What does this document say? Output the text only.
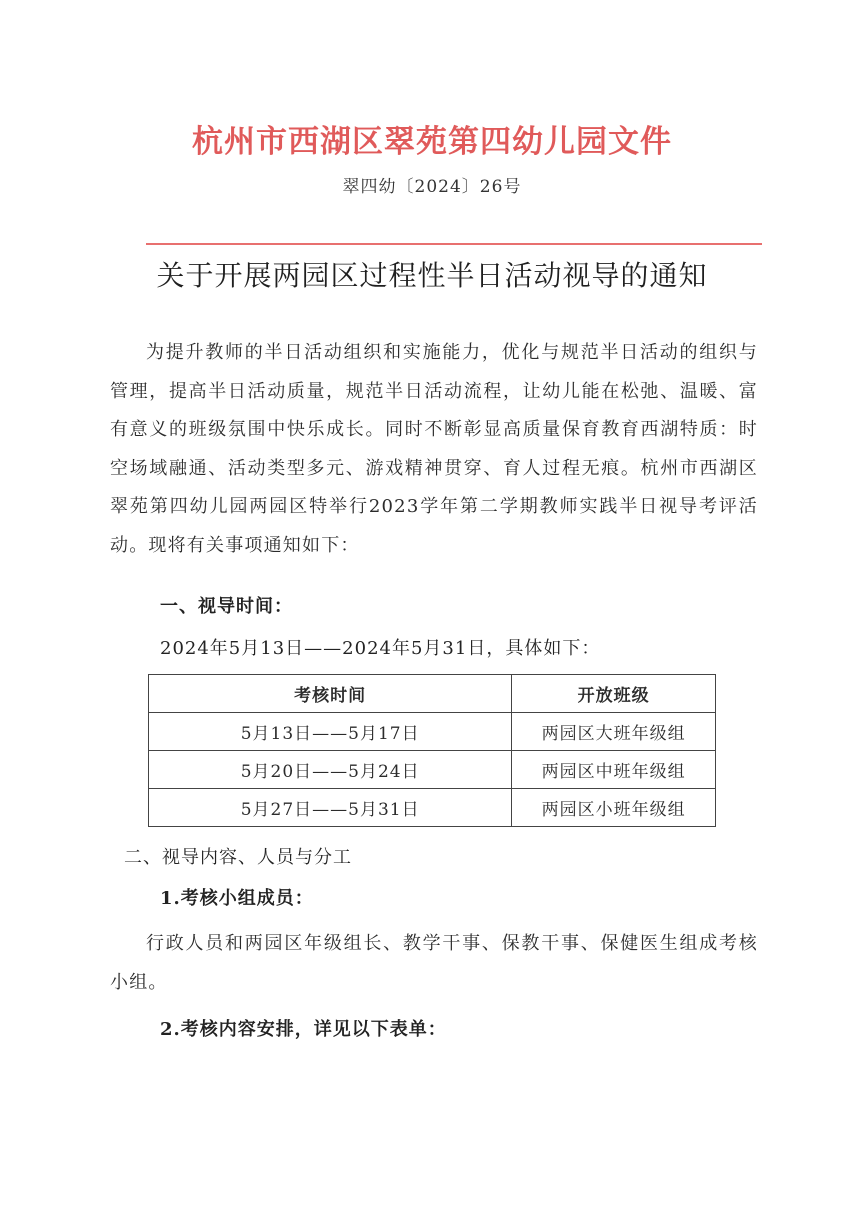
杭州市西湖区翠苑第四幼儿园文件
翠四幼〔2024〕26号
关于开展两园区过程性半日活动视导的通知
为提升教师的半日活动组织和实施能力，优化与规范半日活动的组织与管理，提高半日活动质量，规范半日活动流程，让幼儿能在松弛、温暖、富有意义的班级氛围中快乐成长。同时不断彰显高质量保育教育西湖特质：时空场域融通、活动类型多元、游戏精神贯穿、育人过程无痕。杭州市西湖区翠苑第四幼儿园两园区特举行2023学年第二学期教师实践半日视导考评活动。现将有关事项通知如下：
一、视导时间：
2024年5月13日——2024年5月31日，具体如下：
考核时间	开放班级
5月13日——5月17日	两园区大班年级组
5月20日——5月24日	两园区中班年级组
5月27日——5月31日	两园区小班年级组
二、视导内容、人员与分工
1.考核小组成员：
行政人员和两园区年级组长、教学干事、保教干事、保健医生组成考核小组。
2.考核内容安排，详见以下表单：
